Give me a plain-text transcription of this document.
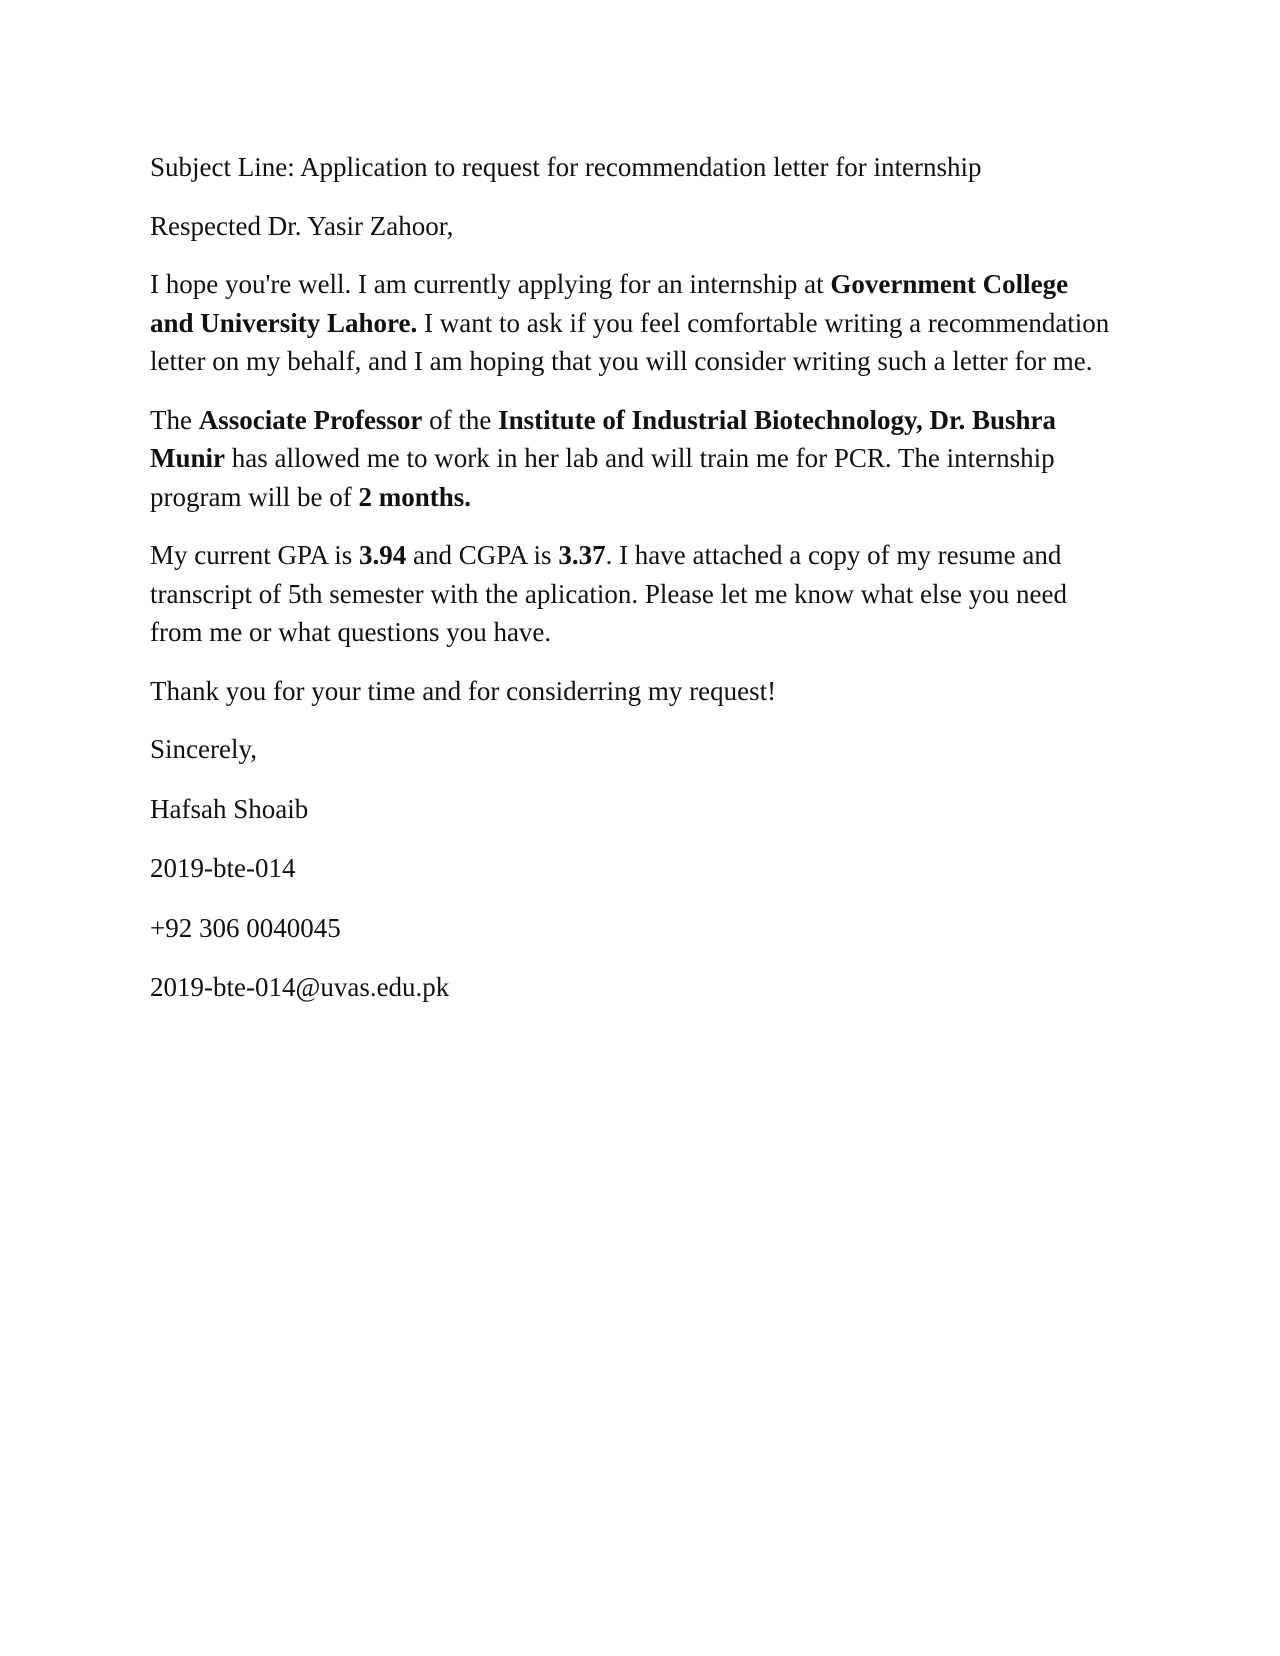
Subject Line: Application to request for recommendation letter for internship

Respected Dr. Yasir Zahoor,

I hope you're well. I am currently applying for an internship at Government College and University Lahore. I want to ask if you feel comfortable writing a recommendation letter on my behalf, and I am hoping that you will consider writing such a letter for me.

The Associate Professor of the Institute of Industrial Biotechnology, Dr. Bushra Munir has allowed me to work in her lab and will train me for PCR. The internship program will be of 2 months.

My current GPA is 3.94 and CGPA is 3.37. I have attached a copy of my resume and transcript of 5th semester with the aplication. Please let me know what else you need from me or what questions you have.

Thank you for your time and for considerring my request!

Sincerely,

Hafsah Shoaib

2019-bte-014

+92 306 0040045

2019-bte-014@uvas.edu.pk
